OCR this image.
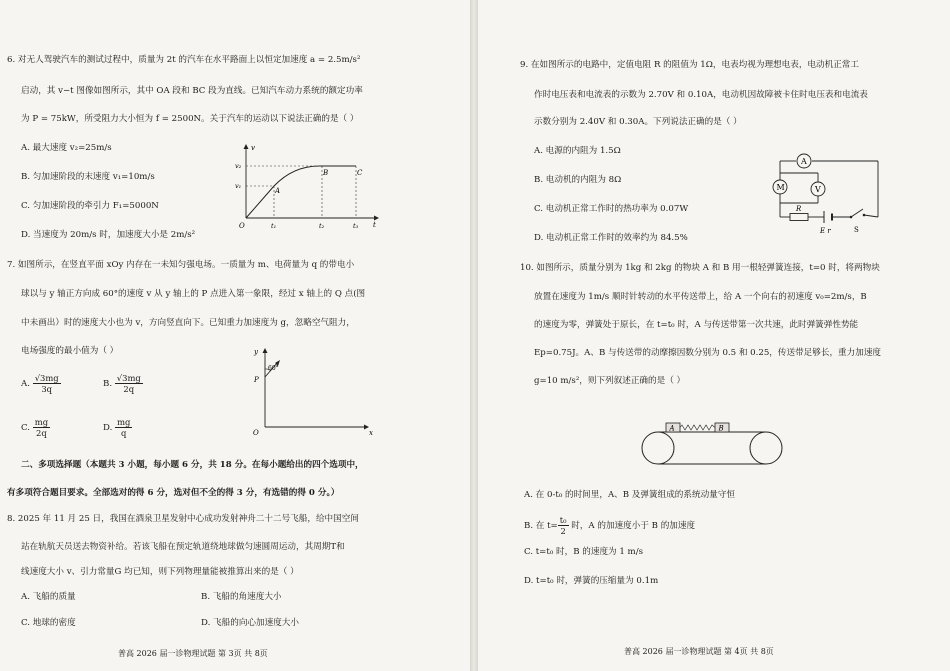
6. 对无人驾驶汽车的测试过程中，质量为 2t 的汽车在水平路面上以恒定加速度 a = 2.5m/s²
启动，其 v−t 图像如图所示，其中 OA 段和 BC 段为直线。已知汽车动力系统的额定功率
为 P = 75kW，所受阻力大小恒为 f = 2500N。关于汽车的运动以下说法正确的是（ ）
A. 最大速度 v₂=25m/s
B. 匀加速阶段的末速度 v₁=10m/s
C. 匀加速阶段的牵引力 F₁=5000N
D. 当速度为 20m/s 时，加速度大小是 2m/s²
v
v₂
v₁
A
B	C
O	t₁	t₂	t₃ t
7. 如图所示，在竖直平面 xOy 内存在一未知匀强电场。一质量为 m、电荷量为 q 的带电小
球以与 y 轴正方向成 60°的速度 v 从 y 轴上的 P 点进入第一象限，经过 x 轴上的 Q 点(图
中未画出）时的速度大小也为 v，方向竖直向下。已知重力加速度为 g，忽略空气阻力，
电场强度的最小值为（ ）
A. $\frac{√3mg}{3q}$	B. $\frac{√3mg}{2q}$
C. $\frac{mg}{2q}$	D. $\frac{mg}{q}$
y
x
O
P
60°
二、多项选择题（本题共 3 小题，每小题 6 分，共 18 分。在每小题给出的四个选项中，
有多项符合题目要求。全部选对的得 6 分，选对但不全的得 3 分，有选错的得 0 分。）
8. 2025 年 11 月 25 日，我国在酒泉卫星发射中心成功发射神舟二十二号飞船，给中国空间
站在轨航天员送去物资补给。若该飞船在预定轨道绕地球做匀速圆周运动，其周期T和
线速度大小 v、引力常量G 均已知，则下列物理量能被推算出来的是（ ）
A. 飞船的质量	B. 飞船的角速度大小
C. 地球的密度	D. 飞船的向心加速度大小
普高 2026 届一诊物理试题 第 3页 共 8页
9. 在如图所示的电路中，定值电阻 R 的阻值为 1Ω，电表均视为理想电表，电动机正常工
作时电压表和电流表的示数为 2.70V 和 0.10A，电动机因故障被卡住时电压表和电流表
示数分别为 2.40V 和 0.30A。下列说法正确的是（ ）
A. 电源的内阻为 1.5Ω
B. 电动机的内阻为 8Ω
C. 电动机正常工作时的热功率为 0.07W
D. 电动机正常工作时的效率约为 84.5%
A
M	V
R
E r	S
10. 如图所示，质量分别为 1kg 和 2kg 的物块 A 和 B 用一根轻弹簧连接，t=0 时，将两物块
放置在速度为 1m/s 顺时针转动的水平传送带上，给 A 一个向右的初速度 v₀=2m/s，B
的速度为零，弹簧处于原长，在 t=t₀ 时，A 与传送带第一次共速，此时弹簧弹性势能
Ep=0.75J。A、B 与传送带的动摩擦因数分别为 0.5 和 0.25，传送带足够长，重力加速度
g=10 m/s²，则下列叙述正确的是（ ）
A	B
A. 在 0-t₀ 的时间里，A、B 及弹簧组成的系统动量守恒
B. 在 $t= \frac{\text{t₀}}{2}$ 时，A 的加速度小于 B 的加速度
C. t=t₀ 时，B 的速度为 1 m/s
D. t=t₀ 时，弹簧的压缩量为 0.1m
普高 2026 届一诊物理试题 第 4页 共 8页
